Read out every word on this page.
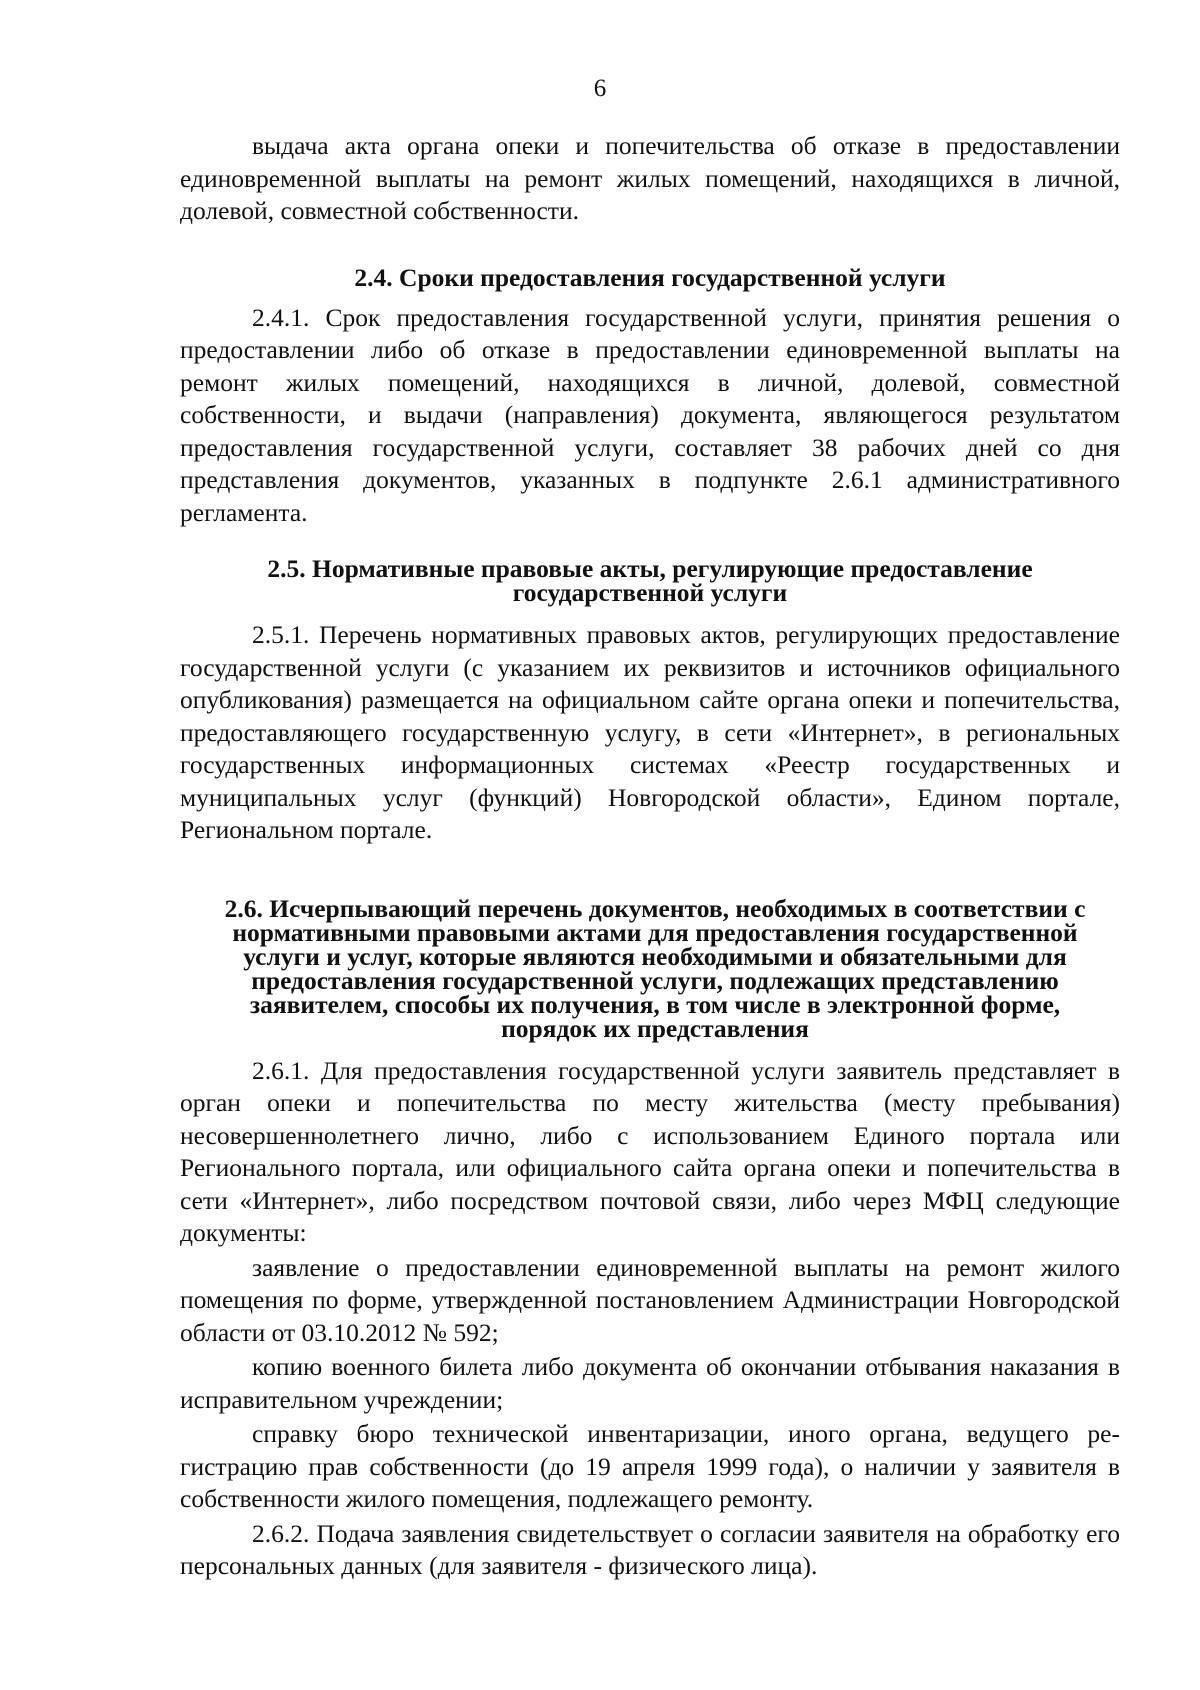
6

выдача акта органа опеки и попечительства об отказе в предоставлении единовременной выплаты на ремонт жилых помещений, находящихся в личной, долевой, совместной собственности.

2.4. Сроки предоставления государственной услуги

2.4.1. Срок предоставления государственной услуги, принятия решения о предоставлении либо об отказе в предоставлении единовременной выплаты на ремонт жилых помещений, находящихся в личной, долевой, совместной собственности, и выдачи (направления) документа, являющегося результатом предоставления государственной услуги, составляет 38 рабочих дней со дня представления документов, указанных в подпункте 2.6.1 административного регламента.

2.5. Нормативные правовые акты, регулирующие предоставление государственной услуги

2.5.1. Перечень нормативных правовых актов, регулирующих предоставление государственной услуги (с указанием их реквизитов и источников официального опубликования) размещается на официальном сайте органа опеки и попечительства, предоставляющего государственную услугу, в сети «Интернет», в региональных государственных информационных системах «Реестр государственных и муниципальных услуг (функций) Новгородской области», Едином портале, Региональном портале.

2.6. Исчерпывающий перечень документов, необходимых в соответствии с нормативными правовыми актами для предоставления государственной услуги и услуг, которые являются необходимыми и обязательными для предоставления государственной услуги, подлежащих представлению заявителем, способы их получения, в том числе в электронной форме, порядок их представления

2.6.1. Для предоставления государственной услуги заявитель представляет в орган опеки и попечительства по месту жительства (месту пребывания) несовершеннолетнего лично, либо с использованием Единого портала или Регионального портала, или официального сайта органа опеки и попечительства в сети «Интернет», либо посредством почтовой связи, либо через МФЦ следующие документы:

заявление о предоставлении единовременной выплаты на ремонт жилого помещения по форме, утвержденной постановлением Администрации Новгородской области от 03.10.2012 № 592;

копию военного билета либо документа об окончании отбывания наказания в исправительном учреждении;

справку бюро технической инвентаризации, иного органа, ведущего регистрацию прав собственности (до 19 апреля 1999 года), о наличии у заявителя в собственности жилого помещения, подлежащего ремонту.

2.6.2. Подача заявления свидетельствует о согласии заявителя на обработку его персональных данных (для заявителя - физического лица).
